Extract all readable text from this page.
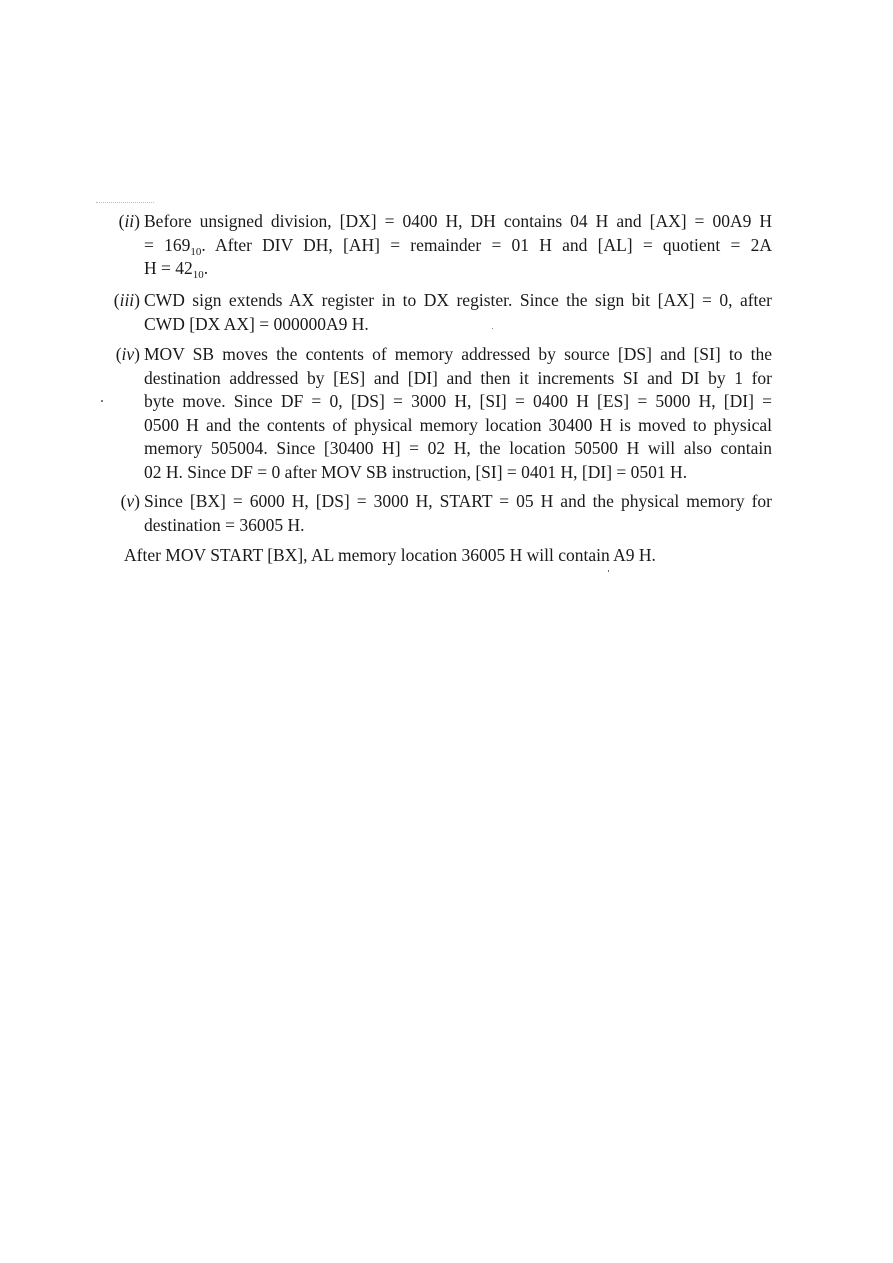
(ii) Before unsigned division, [DX] = 0400 H, DH contains 04 H and [AX] = 00A9 H
= $169_{10}$. After DIV DH, [AH] = remainder = 01 H and [AL] = quotient = 2A
$H = 42_{10}$.
(iii) CWD sign extends AX register in to DX register. Since the sign bit [AX] = 0, after
CWD [DX AX] = 000000A9 H.
(iv) MOV SB moves the contents of memory addressed by source [DS] and [SI] to the
destination addressed by [ES] and [DI] and then it increments SI and DI by 1 for
byte move. Since DF = 0, [DS] = 3000 H, [SI] = 0400 H [ES] = 5000 H, [DI] =
0500 H and the contents of physical memory location 30400 H is moved to physical
memory 505004. Since [30400 H] = 02 H, the location 50500 H will also contain
02 H. Since DF = 0 after MOV SB instruction, [SI] = 0401 H, [DI] = 0501 H.
(v) Since [BX] = 6000 H, [DS] = 3000 H, START = 05 H and the physical memory for
destination = 36005 H.
After MOV START [BX], AL memory location 36005 H will contain A9 H.
